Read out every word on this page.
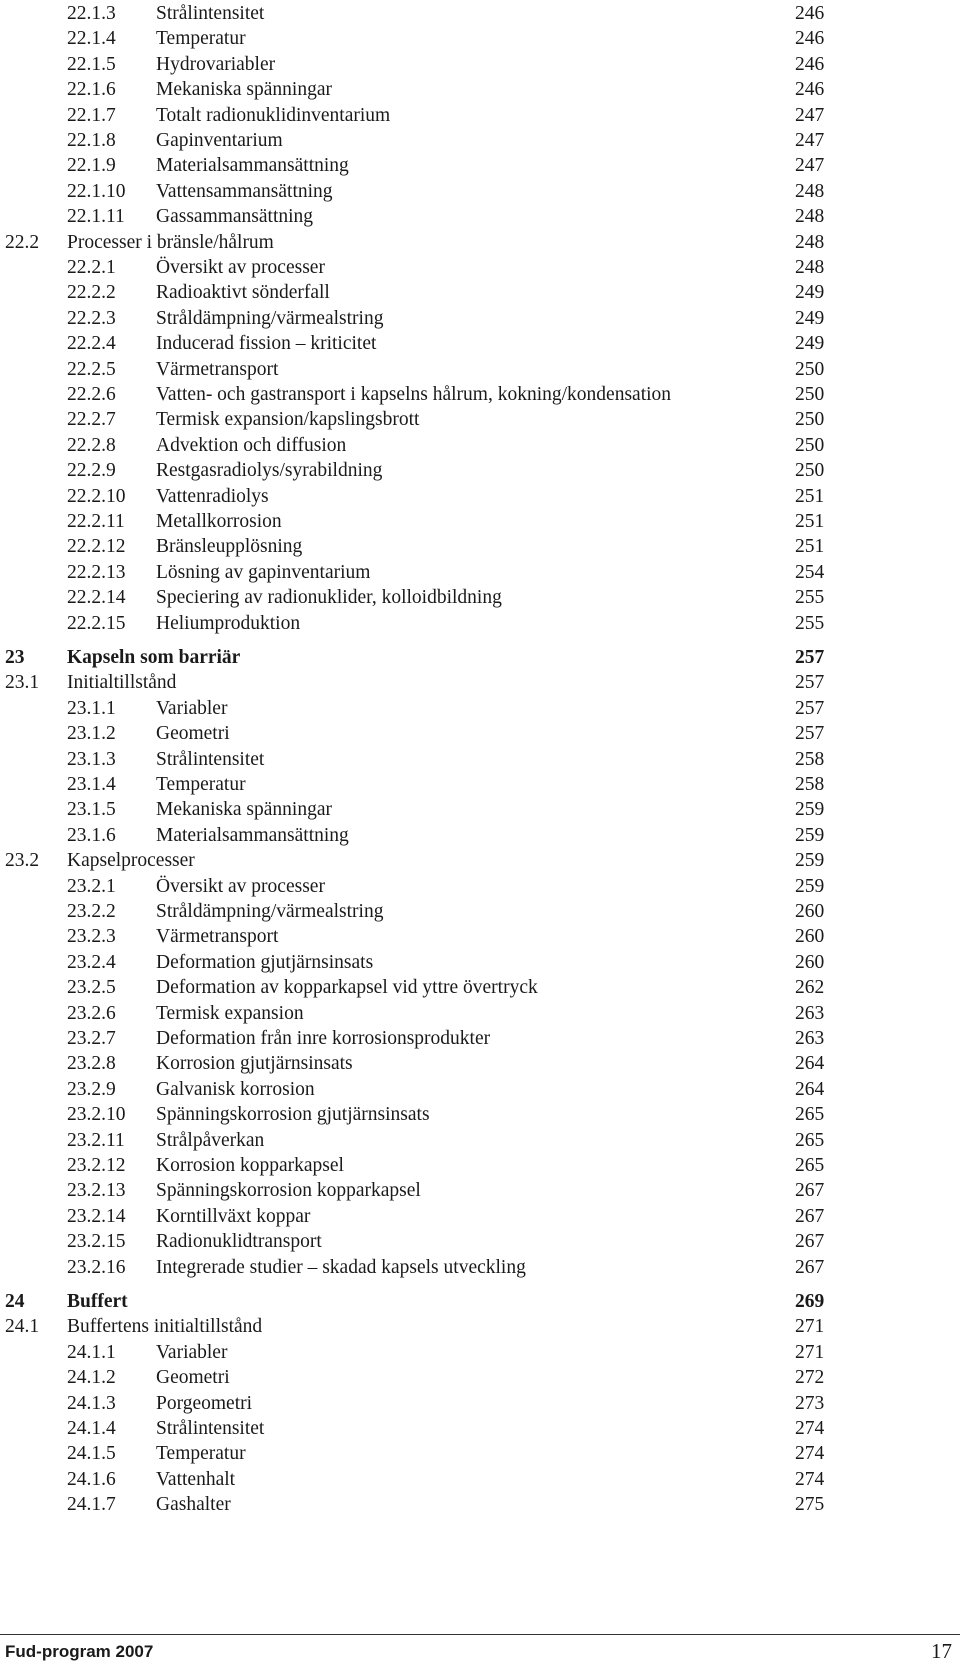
22.1.3 Strålintensitet	246
22.1.4 Temperatur	246
22.1.5 Hydrovariabler	246
22.1.6 Mekaniska spänningar	246
22.1.7 Totalt radionuklidinventarium	247
22.1.8 Gapinventarium	247
22.1.9 Materialsammansättning	247
22.1.10 Vattensammansättning	248
22.1.11 Gassammansättning	248
22.2 Processer i bränsle/hålrum	248
22.2.1 Översikt av processer	248
22.2.2 Radioaktivt sönderfall	249
22.2.3 Stråldämpning/värmealstring	249
22.2.4 Inducerad fission – kriticitet	249
22.2.5 Värmetransport	250
22.2.6 Vatten- och gastransport i kapselns hålrum, kokning/kondensation	250
22.2.7 Termisk expansion/kapslingsbrott	250
22.2.8 Advektion och diffusion	250
22.2.9 Restgasradiolys/syrabildning	250
22.2.10 Vattenradiolys	251
22.2.11 Metallkorrosion	251
22.2.12 Bränsleupplösning	251
22.2.13 Lösning av gapinventarium	254
22.2.14 Speciering av radionuklider, kolloidbildning	255
22.2.15 Heliumproduktion	255
23 Kapseln som barriär	257
23.1 Initialtillstånd	257
23.1.1 Variabler	257
23.1.2 Geometri	257
23.1.3 Strålintensitet	258
23.1.4 Temperatur	258
23.1.5 Mekaniska spänningar	259
23.1.6 Materialsammansättning	259
23.2 Kapselprocesser	259
23.2.1 Översikt av processer	259
23.2.2 Stråldämpning/värmealstring	260
23.2.3 Värmetransport	260
23.2.4 Deformation gjutjärnsinsats	260
23.2.5 Deformation av kopparkapsel vid yttre övertryck	262
23.2.6 Termisk expansion	263
23.2.7 Deformation från inre korrosionsprodukter	263
23.2.8 Korrosion gjutjärnsinsats	264
23.2.9 Galvanisk korrosion	264
23.2.10 Spänningskorrosion gjutjärnsinsats	265
23.2.11 Strålpåverkan	265
23.2.12 Korrosion kopparkapsel	265
23.2.13 Spänningskorrosion kopparkapsel	267
23.2.14 Korntillväxt koppar	267
23.2.15 Radionuklidtransport	267
23.2.16 Integrerade studier – skadad kapsels utveckling	267
24 Buffert	269
24.1 Buffertens initialtillstånd	271
24.1.1 Variabler	271
24.1.2 Geometri	272
24.1.3 Porgeometri	273
24.1.4 Strålintensitet	274
24.1.5 Temperatur	274
24.1.6 Vattenhalt	274
24.1.7 Gashalter	275
Fud-program 2007	17
